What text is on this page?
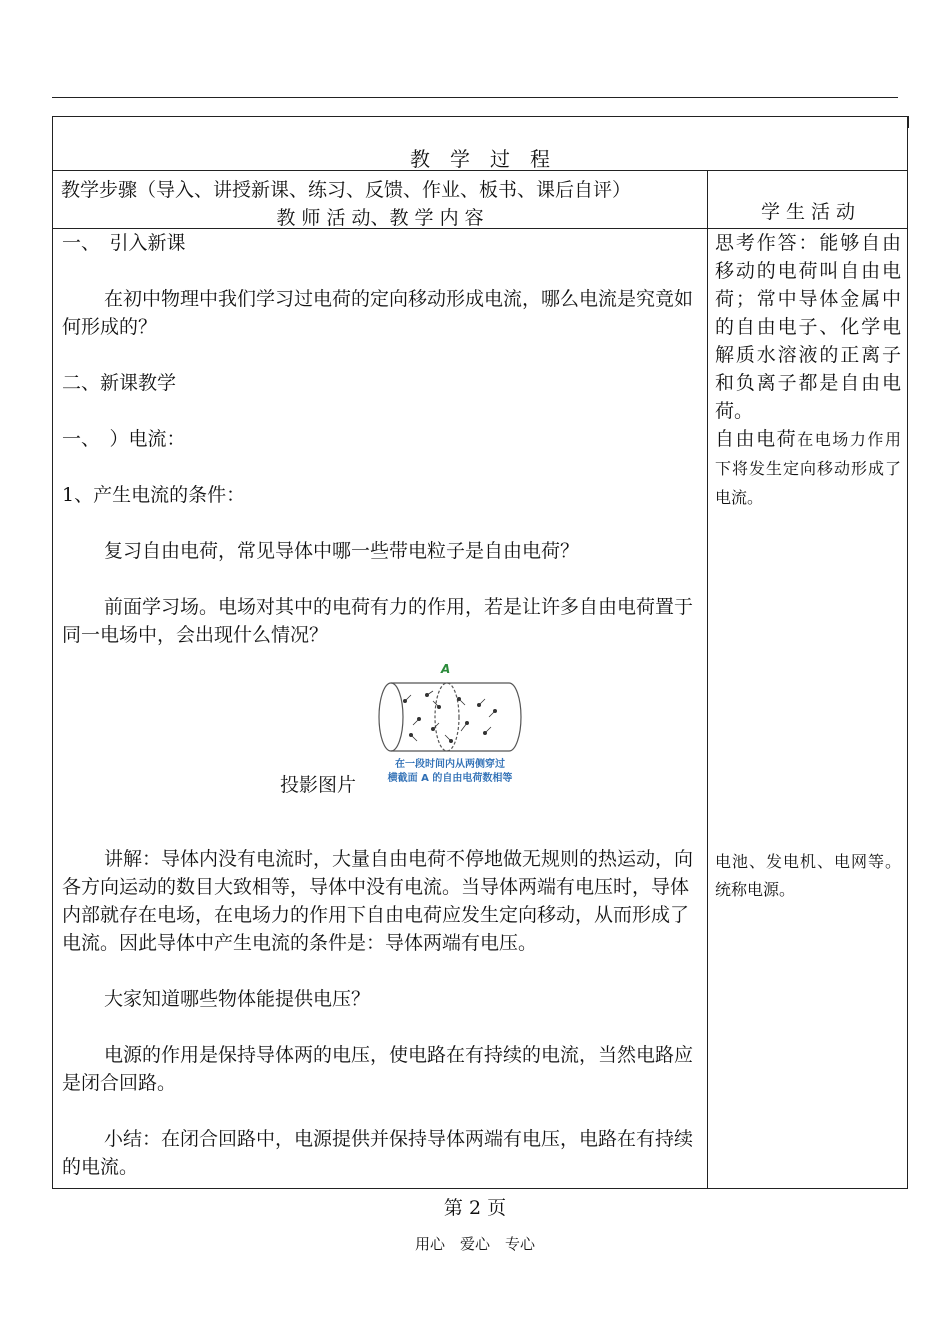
教　学　过　程
教学步骤（导入、讲授新课、练习、反馈、作业、板书、课后自评）
教 师 活 动、教 学 内 容	学 生 活 动

一、　引入新课

在初中物理中我们学习过电荷的定向移动形成电流，哪么电流是究竟如何形成的？

二、新课教学

一、　）电流：

1、产生电流的条件：

复习自由电荷，常见导体中哪一些带电粒子是自由电荷？

前面学习场。电场对其中的电荷有力的作用，若是让许多自由电荷置于同一电场中，会出现什么情况？

讲解：导体内没有电流时，大量自由电荷不停地做无规则的热运动，向各方向运动的数目大致相等，导体中没有电流。当导体两端有电压时，导体内部就存在电场，在电场力的作用下自由电荷应发生定向移动，从而形成了电流。因此导体中产生电流的条件是：导体两端有电压。

大家知道哪些物体能提供电压？

电源的作用是保持导体两的电压，使电路在有持续的电流，当然电路应是闭合回路。

小结：在闭合回路中，电源提供并保持导体两端有电压，电路在有持续的电流。

A
在一段时间内从两侧穿过
横截面 A 的自由电荷数相等
投影图片

思考作答：能够自由移动的电荷叫自由电荷；常中导体金属中的自由电子、化学电解质水溶液的正离子和负离子都是自由电荷。

自由电荷在电场力作用下将发生定向移动形成了电流。

电池、发电机、电网等。统称电源。

第 2 页
用心　爱心　专心
